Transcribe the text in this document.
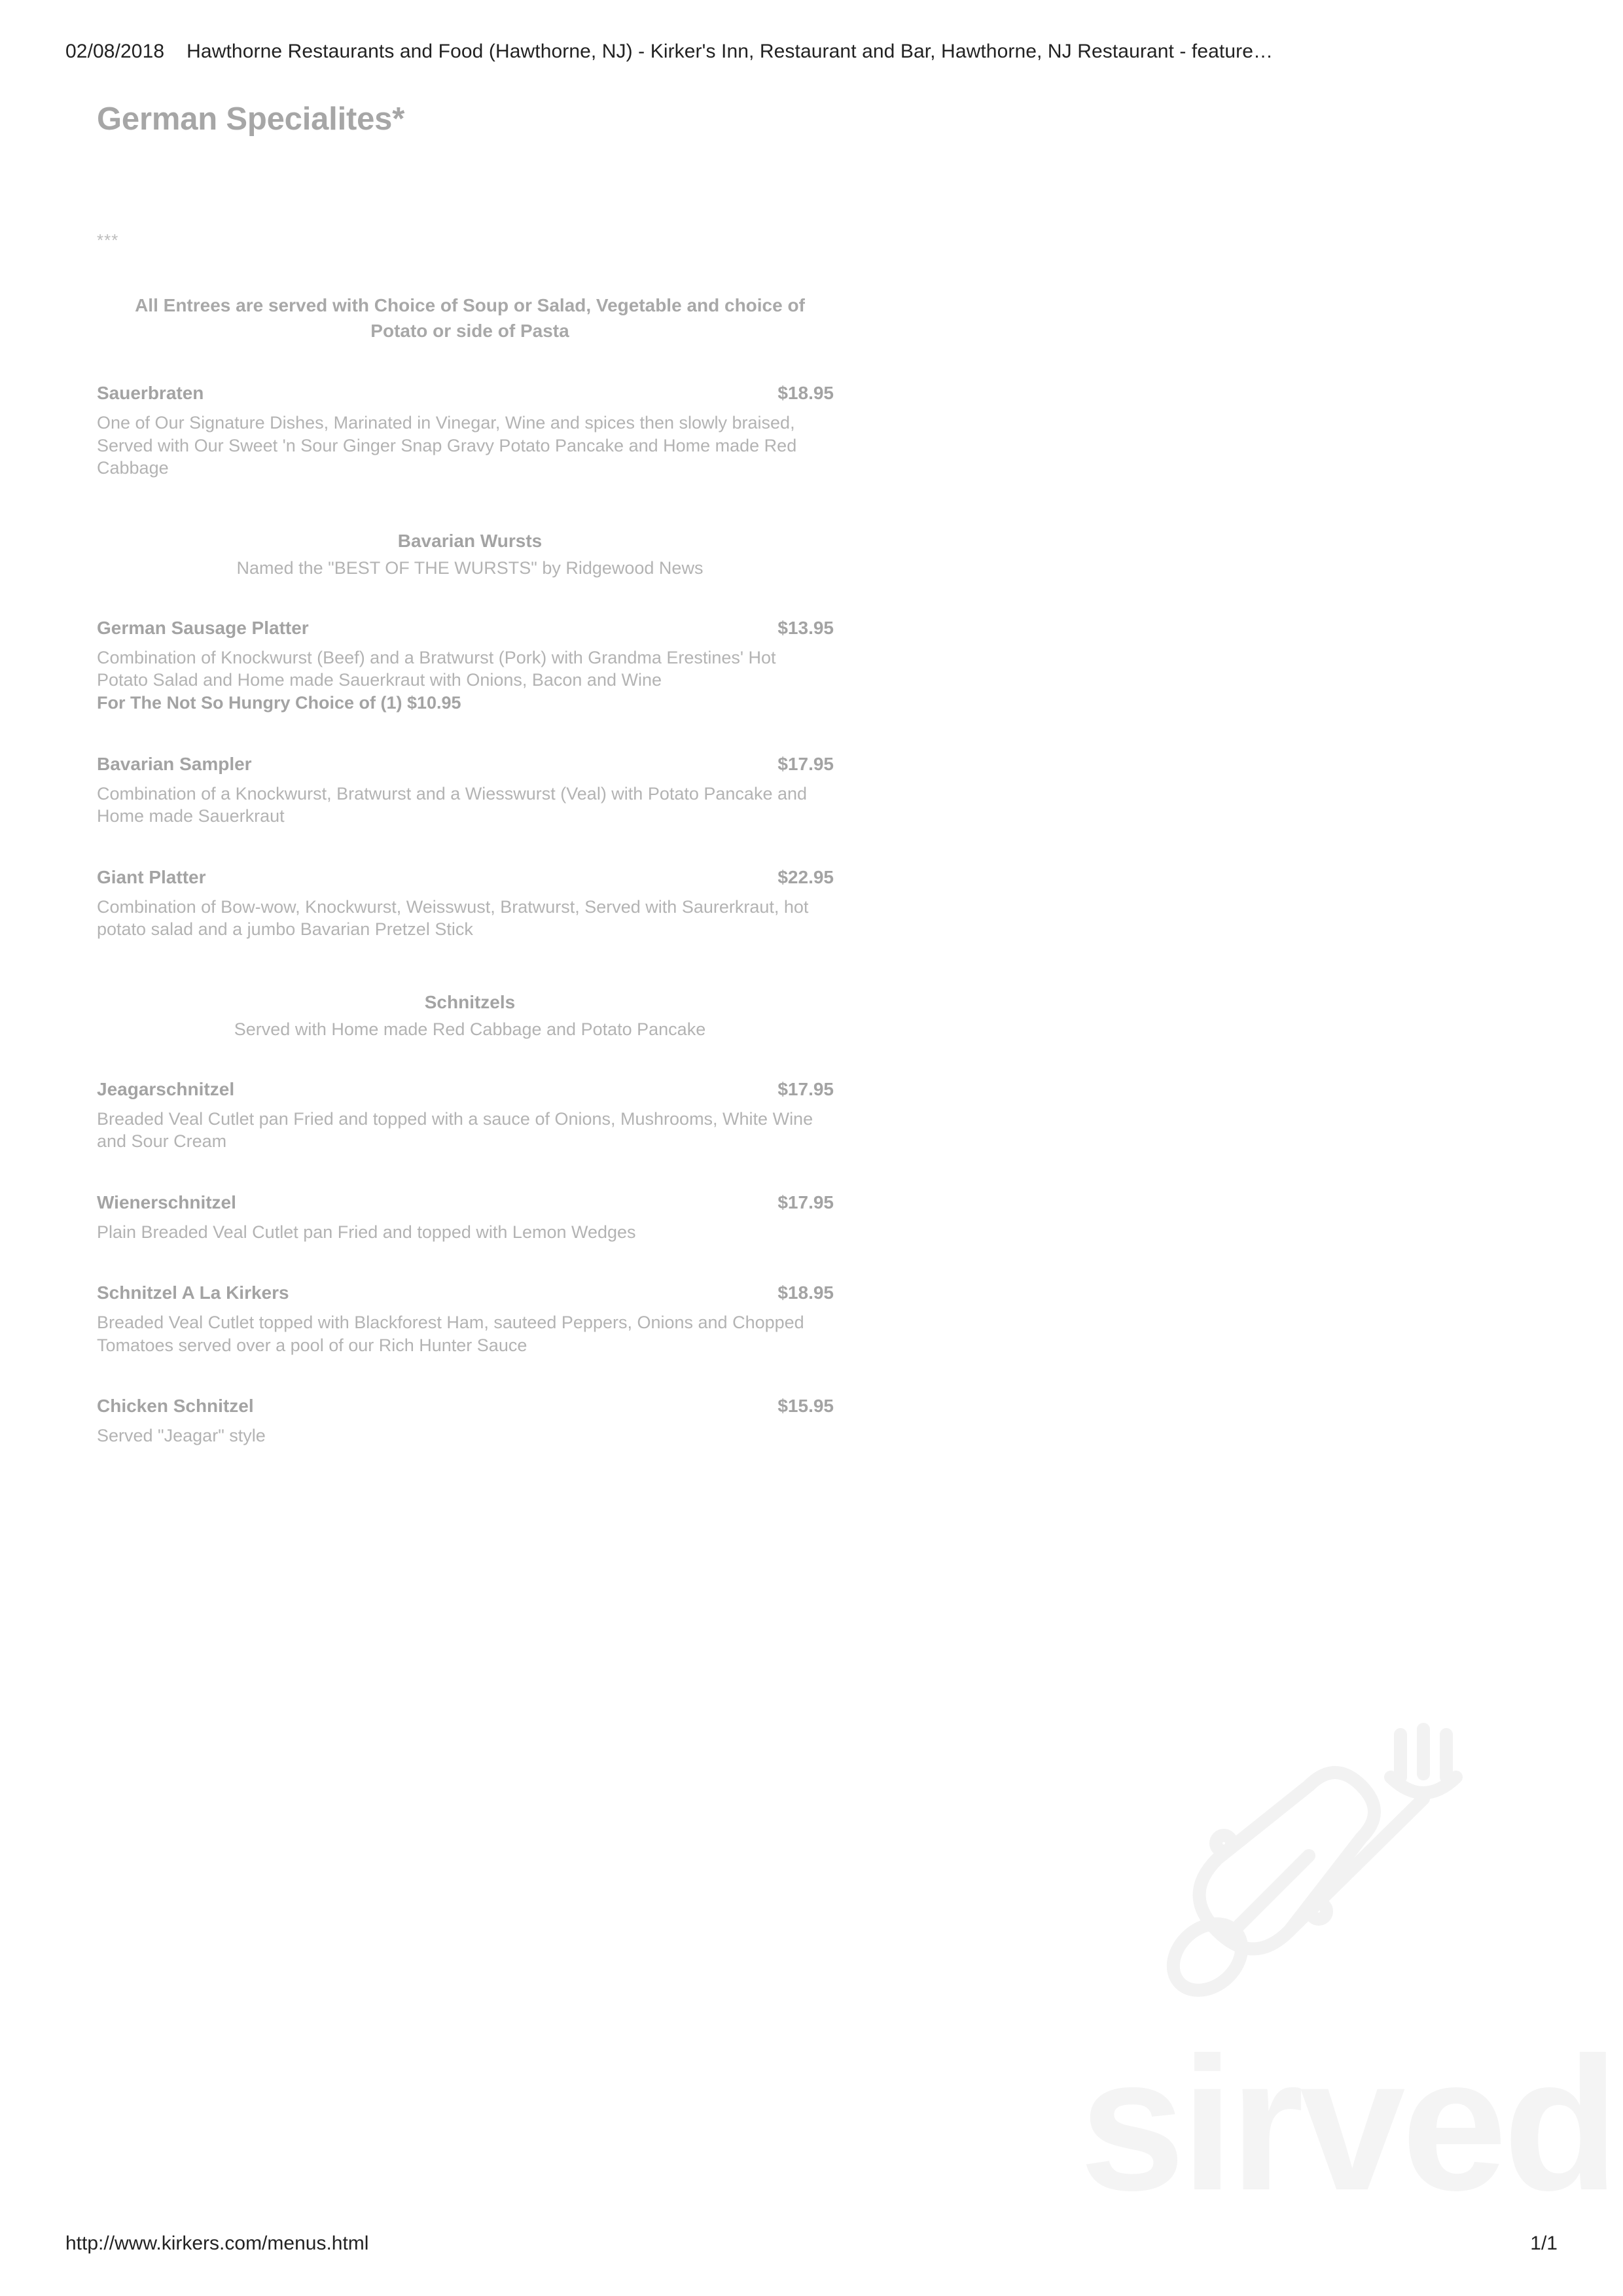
02/08/2018 Hawthorne Restaurants and Food (Hawthorne, NJ) - Kirker's Inn, Restaurant and Bar, Hawthorne, NJ Restaurant - feature…
German Specialites*
***
All Entrees are served with Choice of Soup or Salad, Vegetable and choice of Potato or side of Pasta
Sauerbraten	$18.95
One of Our Signature Dishes, Marinated in Vinegar, Wine and spices then slowly braised, Served with Our Sweet 'n Sour Ginger Snap Gravy Potato Pancake and Home made Red Cabbage
Bavarian Wursts
Named the "BEST OF THE WURSTS" by Ridgewood News
German Sausage Platter	$13.95
Combination of Knockwurst (Beef) and a Bratwurst (Pork) with Grandma Erestines' Hot Potato Salad and Home made Sauerkraut with Onions, Bacon and Wine
For The Not So Hungry Choice of (1) $10.95
Bavarian Sampler	$17.95
Combination of a Knockwurst, Bratwurst and a Wiesswurst (Veal) with Potato Pancake and Home made Sauerkraut
Giant Platter	$22.95
Combination of Bow-wow, Knockwurst, Weisswust, Bratwurst, Served with Saurerkraut, hot potato salad and a jumbo Bavarian Pretzel Stick
Schnitzels
Served with Home made Red Cabbage and Potato Pancake
Jeagarschnitzel	$17.95
Breaded Veal Cutlet pan Fried and topped with a sauce of Onions, Mushrooms, White Wine and Sour Cream
Wienerschnitzel	$17.95
Plain Breaded Veal Cutlet pan Fried and topped with Lemon Wedges
Schnitzel A La Kirkers	$18.95
Breaded Veal Cutlet topped with Blackforest Ham, sauteed Peppers, Onions and Chopped Tomatoes served over a pool of our Rich Hunter Sauce
Chicken Schnitzel	$15.95
Served "Jeagar" style
sirved
http://www.kirkers.com/menus.html	1/1
